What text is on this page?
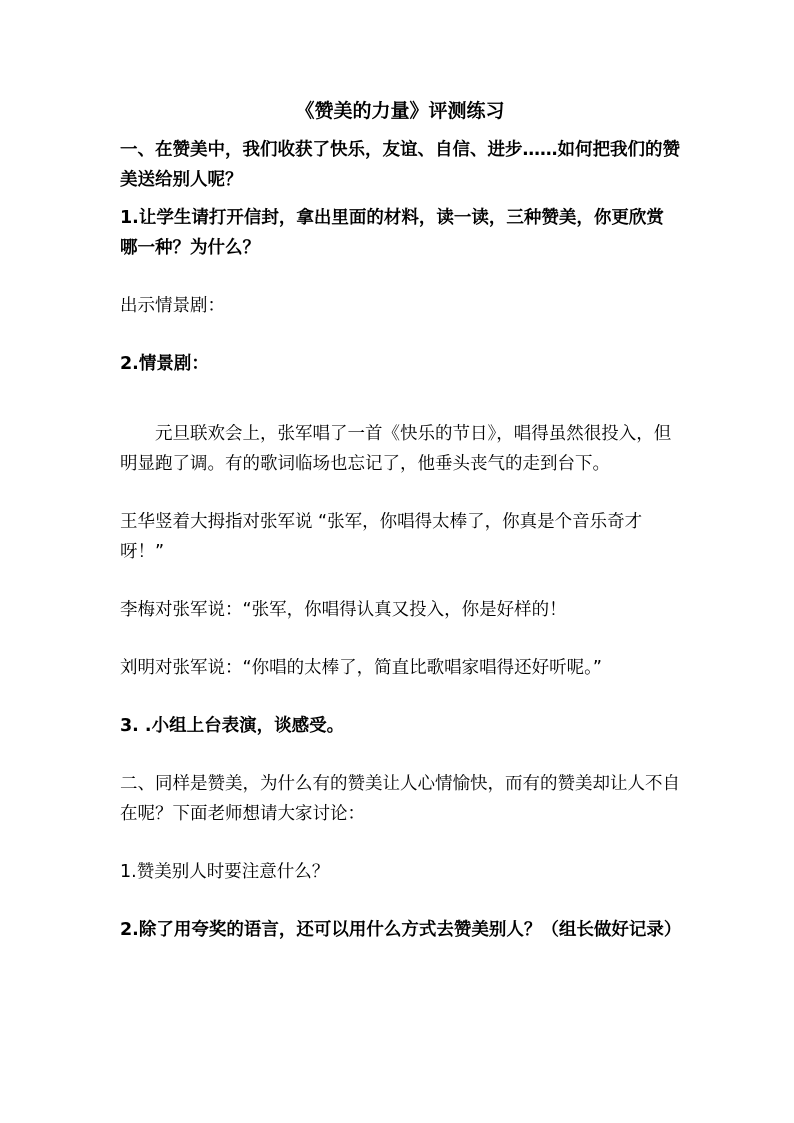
《赞美的力量》评测练习

一、在赞美中，我们收获了快乐，友谊、自信、进步……如何把我们的赞美送给别人呢？

1.让学生请打开信封，拿出里面的材料，读一读，三种赞美，你更欣赏哪一种？为什么？

出示情景剧：

2.情景剧：

元旦联欢会上，张军唱了一首《快乐的节日》，唱得虽然很投入，但明显跑了调。有的歌词临场也忘记了，他垂头丧气的走到台下。

王华竖着大拇指对张军说 “张军，你唱得太棒了，你真是个音乐奇才呀！”

李梅对张军说：“张军，你唱得认真又投入，你是好样的！

刘明对张军说：“你唱的太棒了，简直比歌唱家唱得还好听呢。”

3. .小组上台表演，谈感受。

二、同样是赞美，为什么有的赞美让人心情愉快，而有的赞美却让人不自在呢？下面老师想请大家讨论：

1.赞美别人时要注意什么？

2.除了用夸奖的语言，还可以用什么方式去赞美别人？（组长做好记录）
